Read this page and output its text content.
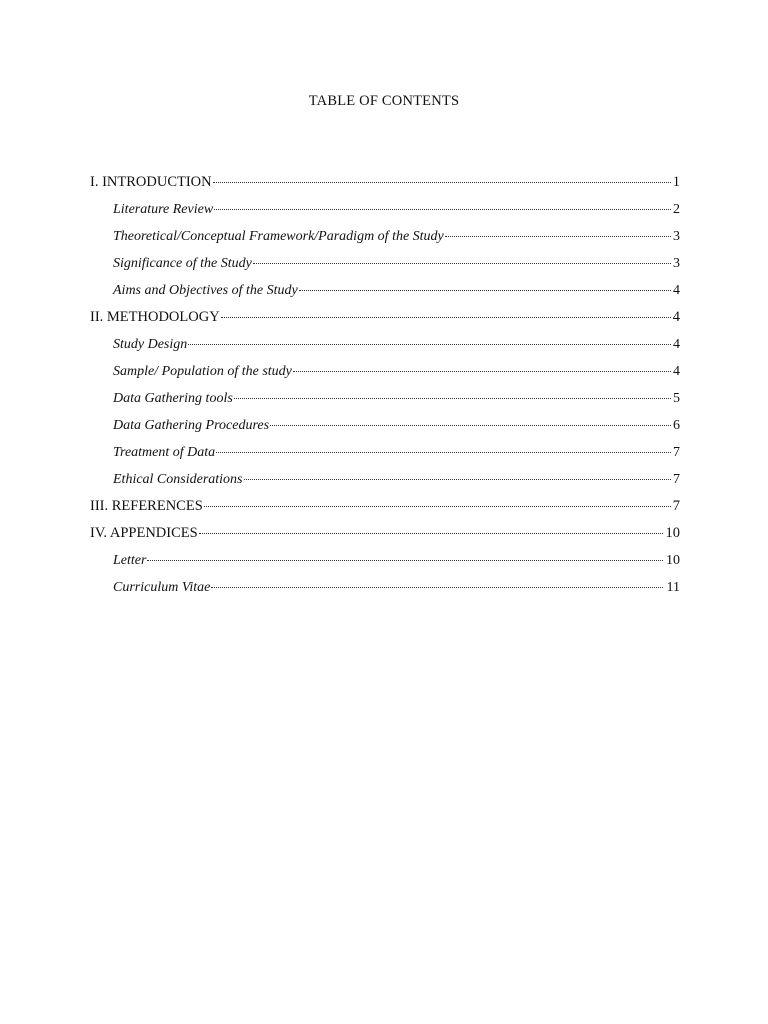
TABLE OF CONTENTS
I. INTRODUCTION	1
Literature Review	2
Theoretical/Conceptual Framework/Paradigm of the Study	3
Significance of the Study	3
Aims and Objectives of the Study	4
II. METHODOLOGY	4
Study Design	4
Sample/ Population of the study	4
Data Gathering tools	5
Data Gathering Procedures	6
Treatment of Data	7
Ethical Considerations	7
III. REFERENCES	7
IV. APPENDICES	10
Letter	10
Curriculum Vitae	11
